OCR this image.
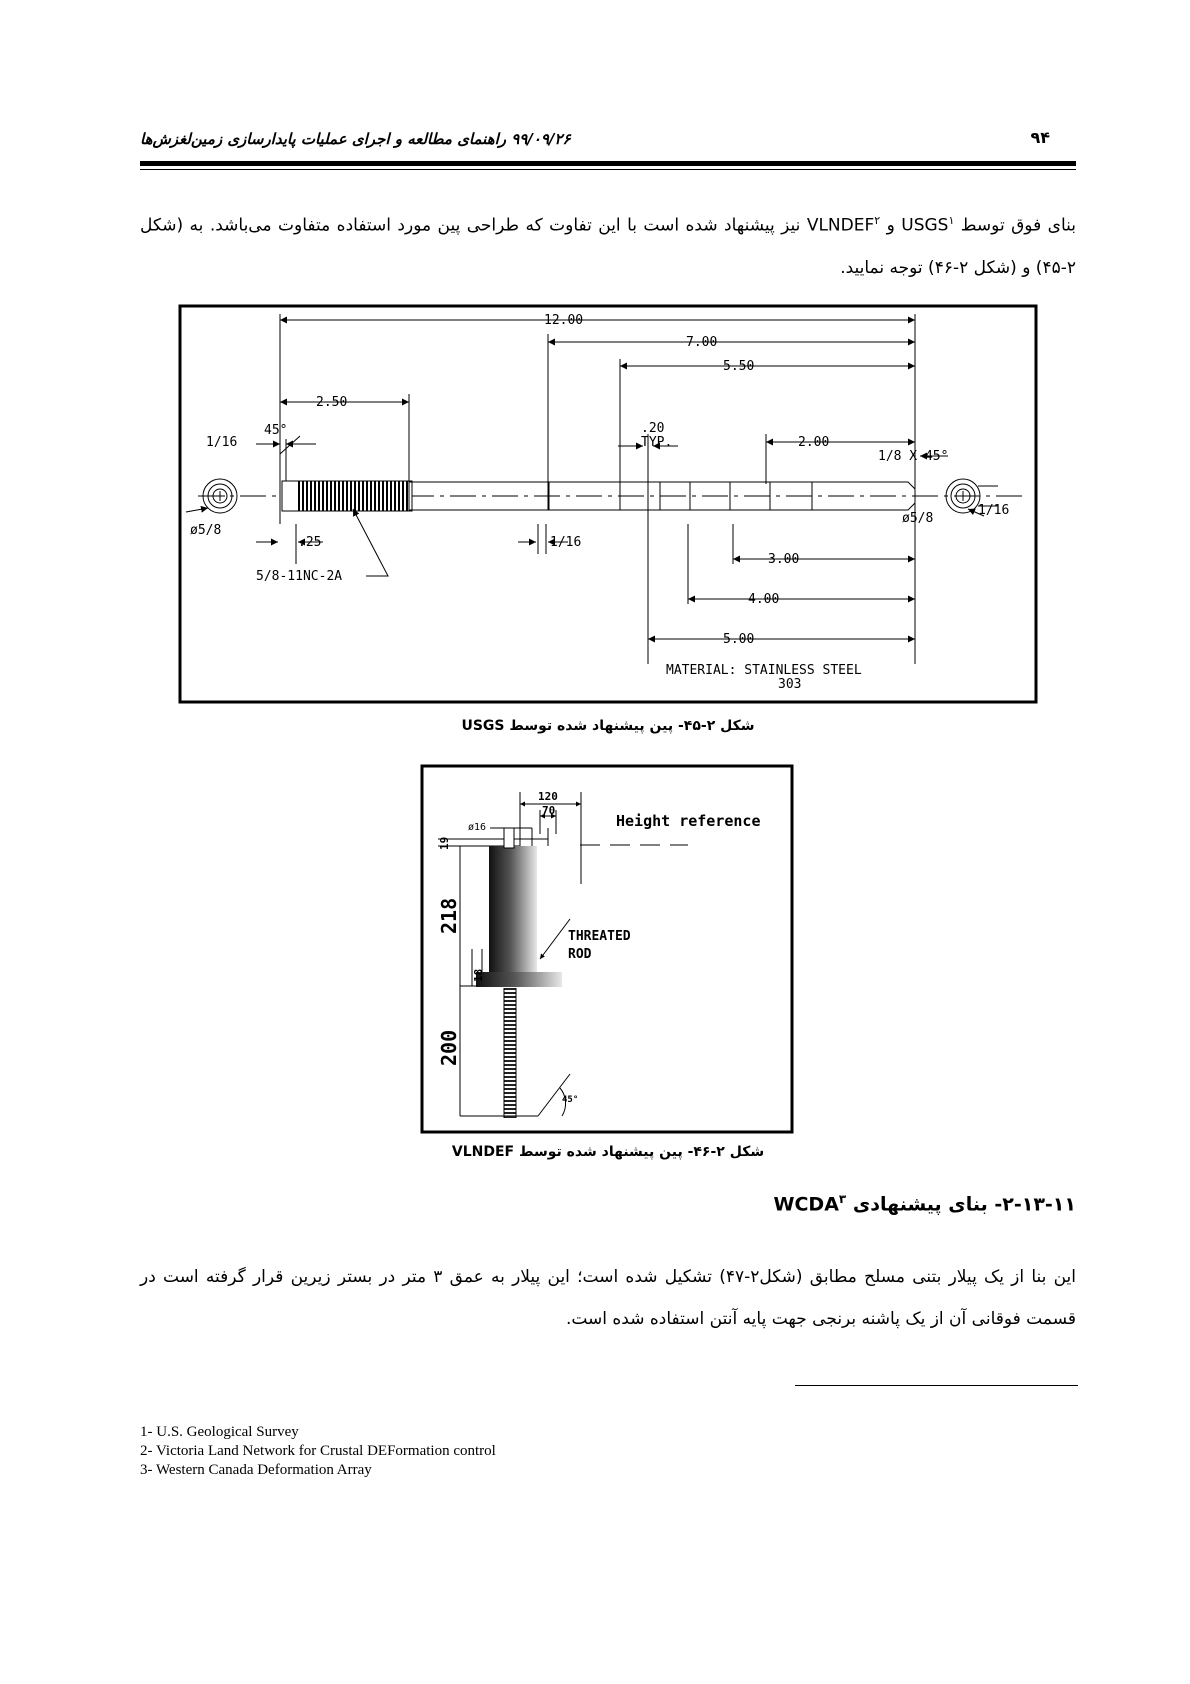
۹۹/۰۹/۲۶ راهنمای مطالعه و اجرای عملیات پایدارسازی زمین‌لغزش‌ها	۹۴
بنای فوق توسط USGS$^۱$ و VLNDEF$^۲$ نیز پیشنهاد شده است با این تفاوت که طراحی پین مورد استفاده متفاوت می‌باشد. به (شکل ۲-۴۵) و (شکل ۲-۴۶) توجه نمایید.
12.00
7.00
5.50
2.50
1/16
45°	.20
TYP.	2.00
1/8 X 45°
1/16
ø5/8
ø5/8
.25	1/16
3.00
4.00
5.00
5/8-11NC-2A
MATERIAL: STAINLESS STEEL
303
شکل ۲-۴۵- پین پیشنهاد شده توسط USGS
120
70
ø16	Height reference
THREATED
ROD
45°
19
218
18
200
شکل ۲-۴۶- پین پیشنهاد شده توسط VLNDEF
۲-۱۳-۱۱- بنای پیشنهادی WCDA$^۳$
این بنا از یک پیلار بتنی مسلح مطابق (شکل۲-۴۷) تشکیل شده است؛ این پیلار به عمق ۳ متر در بستر زیرین قرار گرفته است در قسمت فوقانی آن از یک پاشنه برنجی جهت پایه آنتن استفاده شده است.
1- U.S. Geological Survey
2- Victoria Land Network for Crustal DEFormation control
3- Western Canada Deformation Array
